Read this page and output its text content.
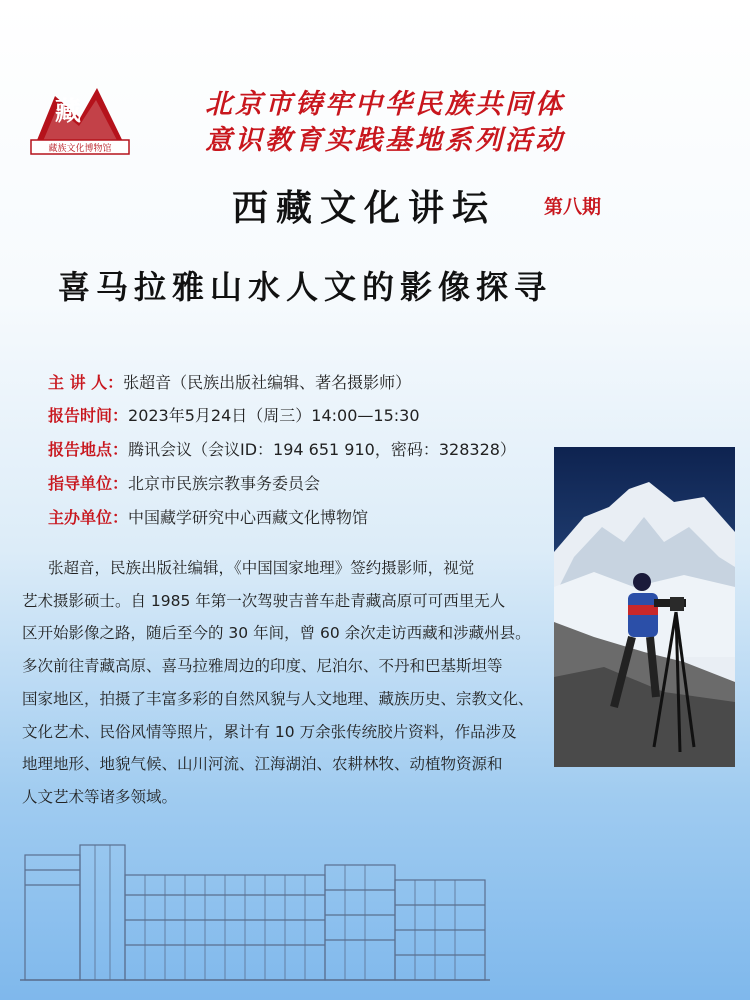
藏
藏族文化博物馆
北京市铸牢中华民族共同体
意识教育实践基地系列活动
西藏文化讲坛	第八期
喜马拉雅山水人文的影像探寻
主 讲 人：张超音（民族出版社编辑、著名摄影师）
报告时间：2023年5月24日（周三）14:00—15:30
报告地点：腾讯会议（会议ID：194 651 910，密码：328328）
指导单位：北京市民族宗教事务委员会
主办单位：中国藏学研究中心西藏文化博物馆
张超音，民族出版社编辑，《中国国家地理》签约摄影师，视觉
艺术摄影硕士。自 1985 年第一次驾驶吉普车赴青藏高原可可西里无人
区开始影像之路，随后至今的 30 年间，曾 60 余次走访西藏和涉藏州县。
多次前往青藏高原、喜马拉雅周边的印度、尼泊尔、不丹和巴基斯坦等
国家地区，拍摄了丰富多彩的自然风貌与人文地理、藏族历史、宗教文化、
文化艺术、民俗风情等照片，累计有 10 万余张传统胶片资料，作品涉及
地理地形、地貌气候、山川河流、江海湖泊、农耕林牧、动植物资源和
人文艺术等诸多领域。
